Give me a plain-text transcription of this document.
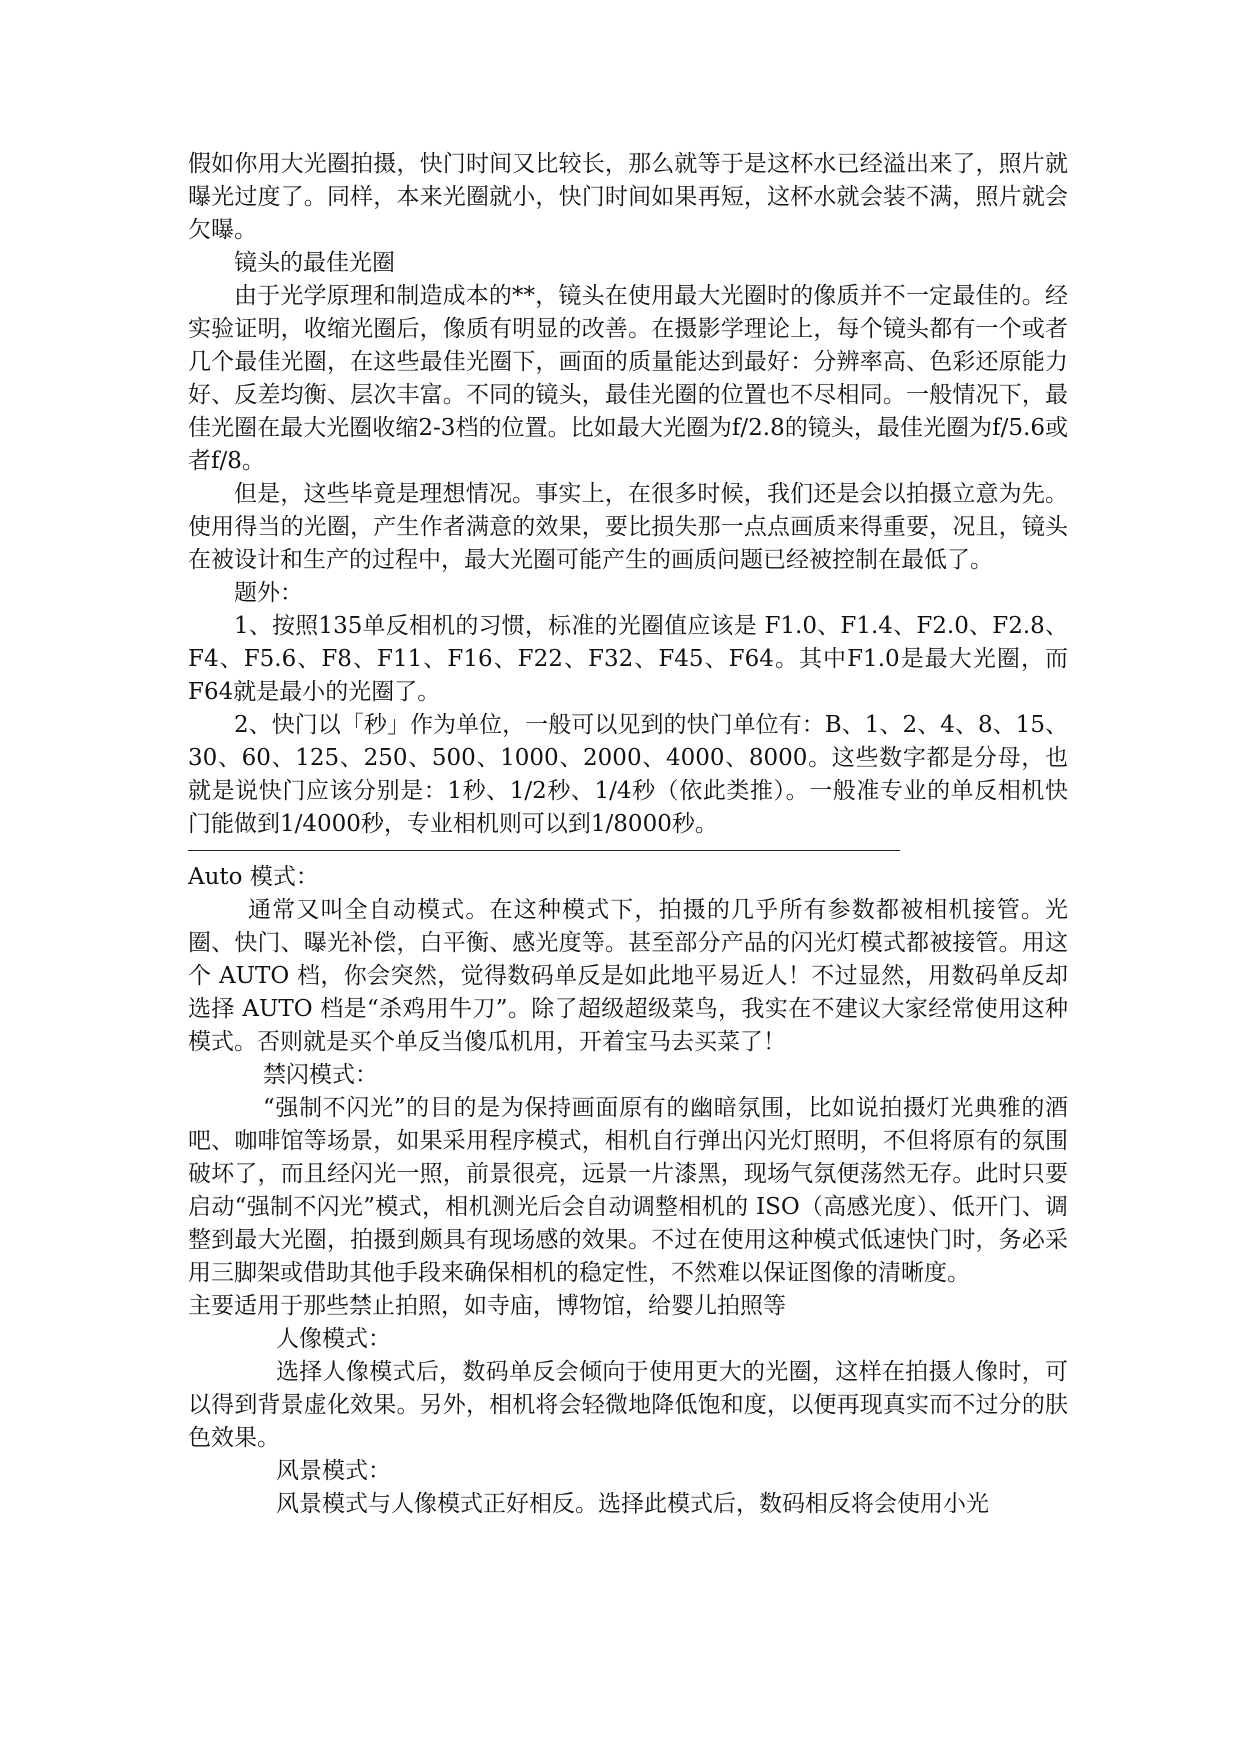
假如你用大光圈拍摄，快门时间又比较长，那么就等于是这杯水已经溢出来了，照片就曝光过度了。同样，本来光圈就小，快门时间如果再短，这杯水就会装不满，照片就会欠曝。

镜头的最佳光圈

由于光学原理和制造成本的**，镜头在使用最大光圈时的像质并不一定最佳的。经实验证明，收缩光圈后，像质有明显的改善。在摄影学理论上，每个镜头都有一个或者几个最佳光圈，在这些最佳光圈下，画面的质量能达到最好：分辨率高、色彩还原能力好、反差均衡、层次丰富。不同的镜头，最佳光圈的位置也不尽相同。一般情况下，最佳光圈在最大光圈收缩2-3档的位置。比如最大光圈为f/2.8的镜头，最佳光圈为f/5.6或者f/8。

但是，这些毕竟是理想情况。事实上，在很多时候，我们还是会以拍摄立意为先。使用得当的光圈，产生作者满意的效果，要比损失那一点点画质来得重要，况且，镜头在被设计和生产的过程中，最大光圈可能产生的画质问题已经被控制在最低了。

题外：

1、按照135单反相机的习惯，标准的光圈值应该是 F1.0、F1.4、F2.0、F2.8、F4、F5.6、F8、F11、F16、F22、F32、F45、F64。其中F1.0是最大光圈，而F64就是最小的光圈了。

2、快门以「秒」作为单位，一般可以见到的快门单位有：B、1、2、4、8、15、30、60、125、250、500、1000、2000、4000、8000。这些数字都是分母，也就是说快门应该分别是：1秒、1/2秒、1/4秒（依此类推）。一般准专业的单反相机快门能做到1/4000秒，专业相机则可以到1/8000秒。

Auto 模式：

通常又叫全自动模式。在这种模式下，拍摄的几乎所有参数都被相机接管。光圈、快门、曝光补偿，白平衡、感光度等。甚至部分产品的闪光灯模式都被接管。用这个 AUTO 档，你会突然，觉得数码单反是如此地平易近人！不过显然，用数码单反却选择 AUTO 档是“杀鸡用牛刀”。除了超级超级菜鸟，我实在不建议大家经常使用这种模式。否则就是买个单反当傻瓜机用，开着宝马去买菜了！

禁闪模式：

“强制不闪光”的目的是为保持画面原有的幽暗氛围，比如说拍摄灯光典雅的酒吧、咖啡馆等场景，如果采用程序模式，相机自行弹出闪光灯照明，不但将原有的氛围破坏了，而且经闪光一照，前景很亮，远景一片漆黑，现场气氛便荡然无存。此时只要启动“强制不闪光”模式，相机测光后会自动调整相机的 ISO（高感光度）、低开门、调整到最大光圈，拍摄到颇具有现场感的效果。不过在使用这种模式低速快门时，务必采用三脚架或借助其他手段来确保相机的稳定性，不然难以保证图像的清晰度。

主要适用于那些禁止拍照，如寺庙，博物馆，给婴儿拍照等

人像模式：

选择人像模式后，数码单反会倾向于使用更大的光圈，这样在拍摄人像时，可以得到背景虚化效果。另外，相机将会轻微地降低饱和度，以便再现真实而不过分的肤色效果。

风景模式：

风景模式与人像模式正好相反。选择此模式后，数码相反将会使用小光
